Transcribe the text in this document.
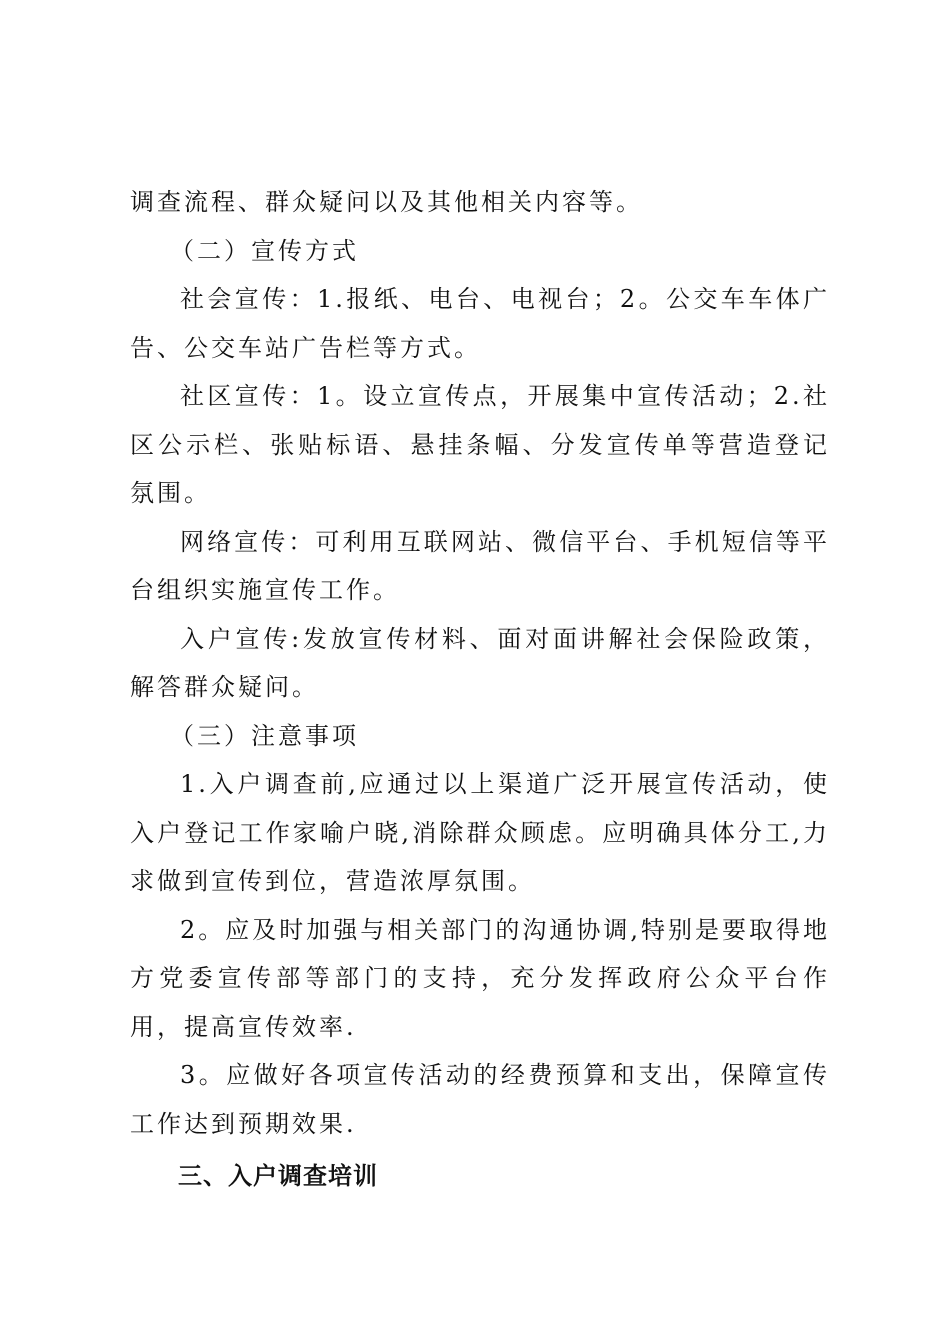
调查流程、群众疑问以及其他相关内容等。

（二）宣传方式

社会宣传：1.报纸、电台、电视台；2。公交车车体广告、公交车站广告栏等方式。

社区宣传：1。设立宣传点，开展集中宣传活动；2.社区公示栏、张贴标语、悬挂条幅、分发宣传单等营造登记氛围。

网络宣传：可利用互联网站、微信平台、手机短信等平台组织实施宣传工作。

入户宣传:发放宣传材料、面对面讲解社会保险政策，解答群众疑问。

（三）注意事项

1.入户调查前,应通过以上渠道广泛开展宣传活动，使入户登记工作家喻户晓,消除群众顾虑。应明确具体分工,力求做到宣传到位，营造浓厚氛围。

2。应及时加强与相关部门的沟通协调,特别是要取得地方党委宣传部等部门的支持，充分发挥政府公众平台作用，提高宣传效率.

3。应做好各项宣传活动的经费预算和支出，保障宣传工作达到预期效果.

三、入户调查培训
